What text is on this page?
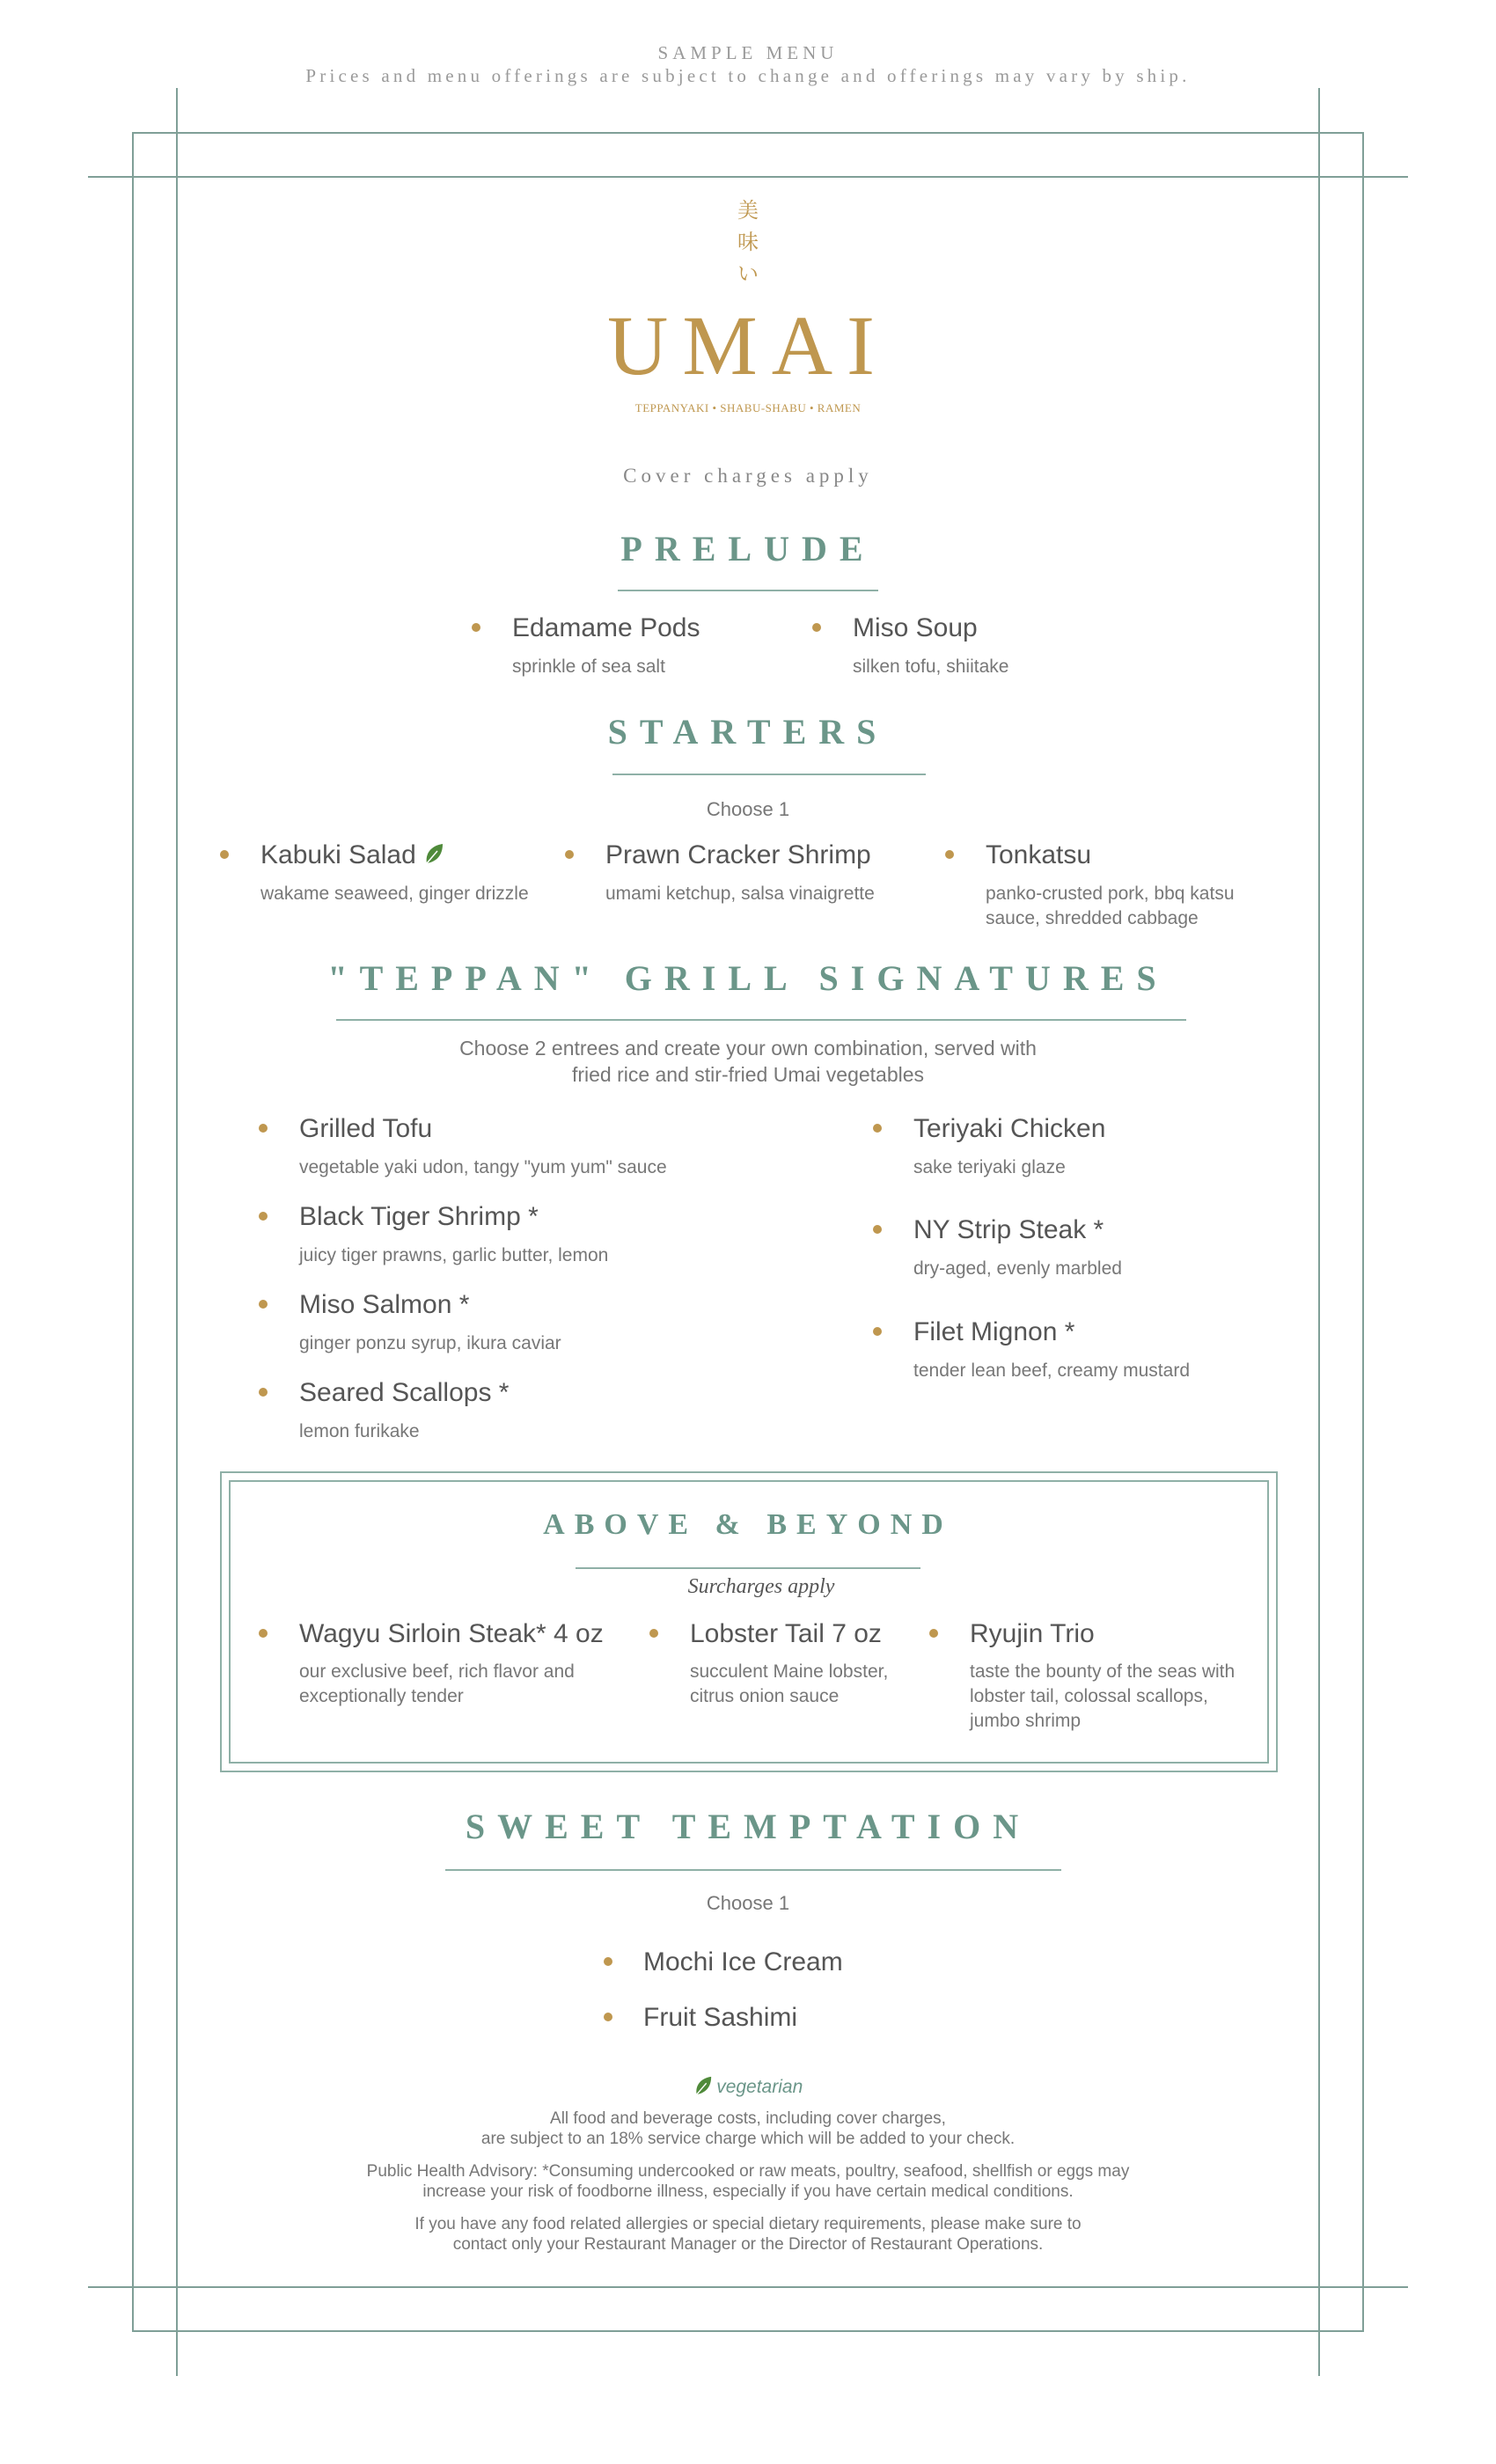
SAMPLE MENU
Prices and menu offerings are subject to change and offerings may vary by ship.
美
味
い
UMAI
TEPPANYAKI • SHABU-SHABU • RAMEN
Cover charges apply
PRELUDE
Edamame Pods
sprinkle of sea salt
Miso Soup
silken tofu, shiitake
STARTERS
Choose 1
Kabuki Salad
wakame seaweed, ginger drizzle
Prawn Cracker Shrimp
umami ketchup, salsa vinaigrette
Tonkatsu
panko-crusted pork, bbq katsu sauce, shredded cabbage
"TEPPAN" GRILL SIGNATURES
Choose 2 entrees and create your own combination, served with
fried rice and stir-fried Umai vegetables
Grilled Tofu
vegetable yaki udon, tangy "yum yum" sauce
Black Tiger Shrimp *
juicy tiger prawns, garlic butter, lemon
Miso Salmon *
ginger ponzu syrup, ikura caviar
Seared Scallops *
lemon furikake
Teriyaki Chicken
sake teriyaki glaze
NY Strip Steak *
dry-aged, evenly marbled
Filet Mignon *
tender lean beef, creamy mustard
ABOVE & BEYOND
Surcharges apply
Wagyu Sirloin Steak* 4 oz
our exclusive beef, rich flavor and exceptionally tender
Lobster Tail 7 oz
succulent Maine lobster, citrus onion sauce
Ryujin Trio
taste the bounty of the seas with lobster tail, colossal scallops, jumbo shrimp
SWEET TEMPTATION
Choose 1
Mochi Ice Cream
Fruit Sashimi
vegetarian
All food and beverage costs, including cover charges,
are subject to an 18% service charge which will be added to your check.
Public Health Advisory: *Consuming undercooked or raw meats, poultry, seafood, shellfish or eggs may
increase your risk of foodborne illness, especially if you have certain medical conditions.
If you have any food related allergies or special dietary requirements, please make sure to
contact only your Restaurant Manager or the Director of Restaurant Operations.
